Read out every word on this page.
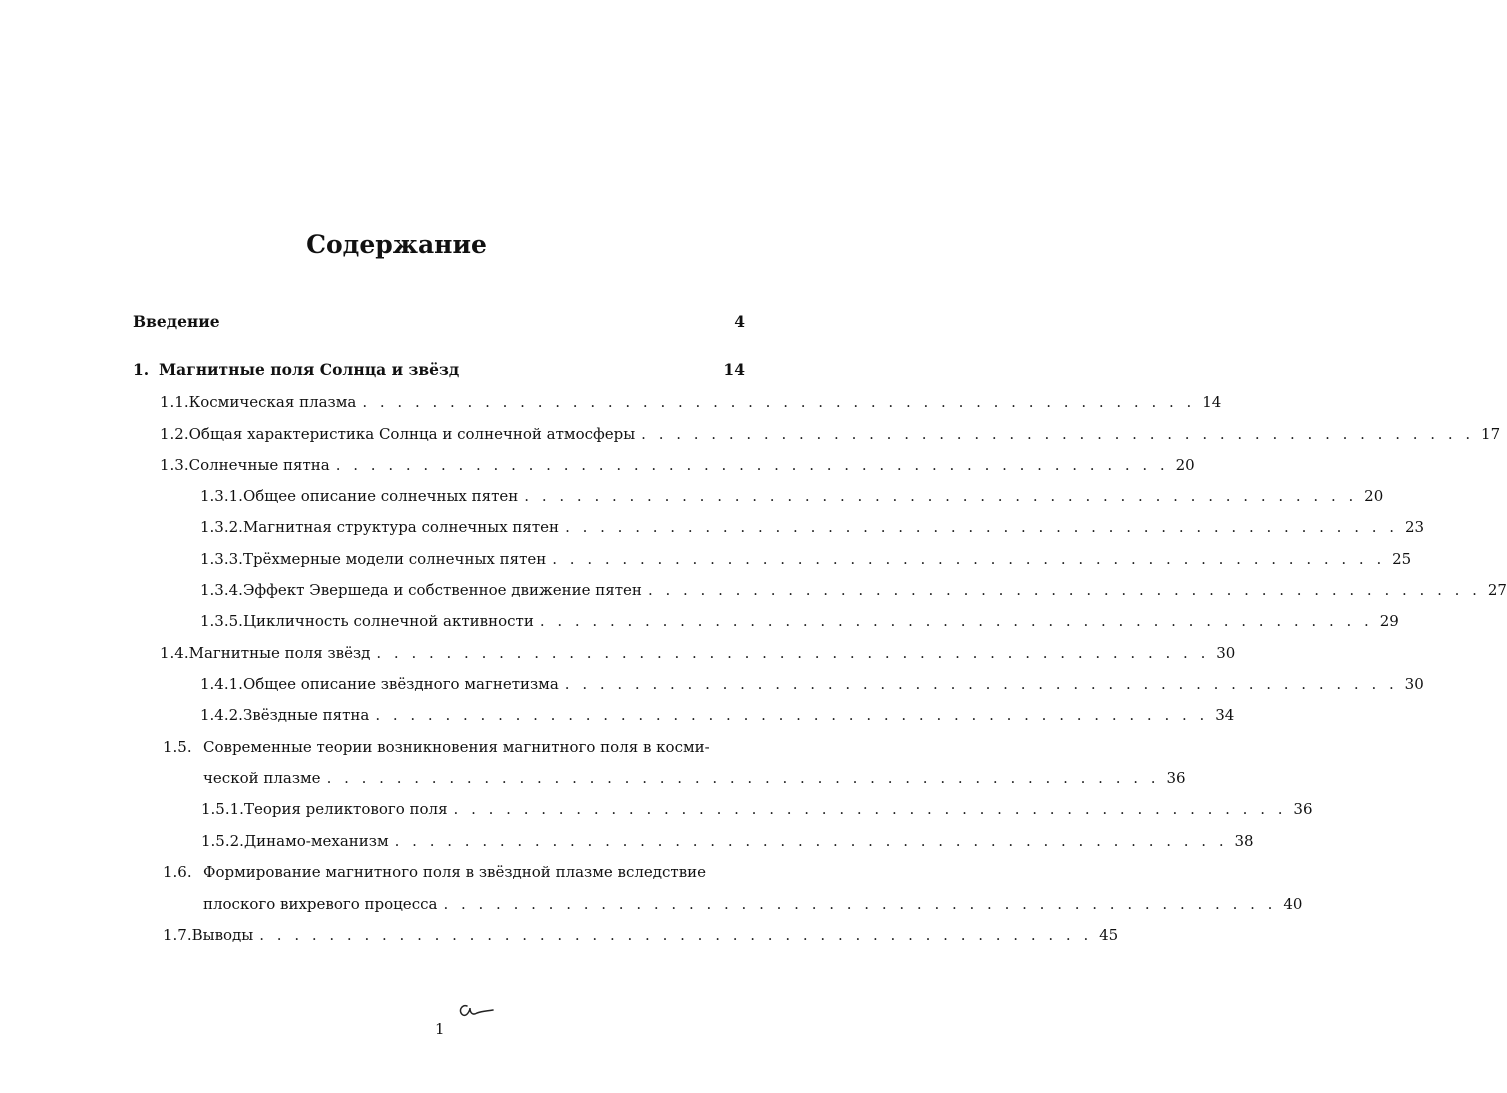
Содержание
Введение	4
1. Магнитные поля Солнца и звёзд	14
1.1. Космическая плазма . . . . . . . . . . . . . . . . . . . . . . . . . . . . . . . . . . . . . . . . . . . . . . . . 14
1.2. Общая характеристика Солнца и солнечной атмосферы . . . . . . . . . . . . . . . . . . . . . . . . . . . . . . . . . . . . . . . . . . . . . . . . 17
1.3. Солнечные пятна . . . . . . . . . . . . . . . . . . . . . . . . . . . . . . . . . . . . . . . . . . . . . . . . 20
1.3.1. Общее описание солнечных пятен . . . . . . . . . . . . . . . . . . . . . . . . . . . . . . . . . . . . . . . . . . . . . . . . 20
1.3.2. Магнитная структура солнечных пятен . . . . . . . . . . . . . . . . . . . . . . . . . . . . . . . . . . . . . . . . . . . . . . . . 23
1.3.3. Трёхмерные модели солнечных пятен . . . . . . . . . . . . . . . . . . . . . . . . . . . . . . . . . . . . . . . . . . . . . . . . 25
1.3.4. Эффект Эвершеда и собственное движение пятен . . . . . . . . . . . . . . . . . . . . . . . . . . . . . . . . . . . . . . . . . . . . . . . . 27
1.3.5. Цикличность солнечной активности . . . . . . . . . . . . . . . . . . . . . . . . . . . . . . . . . . . . . . . . . . . . . . . . 29
1.4. Магнитные поля звёзд . . . . . . . . . . . . . . . . . . . . . . . . . . . . . . . . . . . . . . . . . . . . . . . . 30
1.4.1. Общее описание звёздного магнетизма . . . . . . . . . . . . . . . . . . . . . . . . . . . . . . . . . . . . . . . . . . . . . . . . 30
1.4.2. Звёздные пятна . . . . . . . . . . . . . . . . . . . . . . . . . . . . . . . . . . . . . . . . . . . . . . . . 34
1.5. Современные теории возникновения магнитного поля в косми-
ческой плазме . . . . . . . . . . . . . . . . . . . . . . . . . . . . . . . . . . . . . . . . . . . . . . . . 36
1.5.1. Теория реликтового поля . . . . . . . . . . . . . . . . . . . . . . . . . . . . . . . . . . . . . . . . . . . . . . . . 36
1.5.2. Динамо-механизм . . . . . . . . . . . . . . . . . . . . . . . . . . . . . . . . . . . . . . . . . . . . . . . . 38
1.6. Формирование магнитного поля в звёздной плазме вследствие
плоского вихревого процесса . . . . . . . . . . . . . . . . . . . . . . . . . . . . . . . . . . . . . . . . . . . . . . . . 40
1.7. Выводы . . . . . . . . . . . . . . . . . . . . . . . . . . . . . . . . . . . . . . . . . . . . . . . . 45
1
